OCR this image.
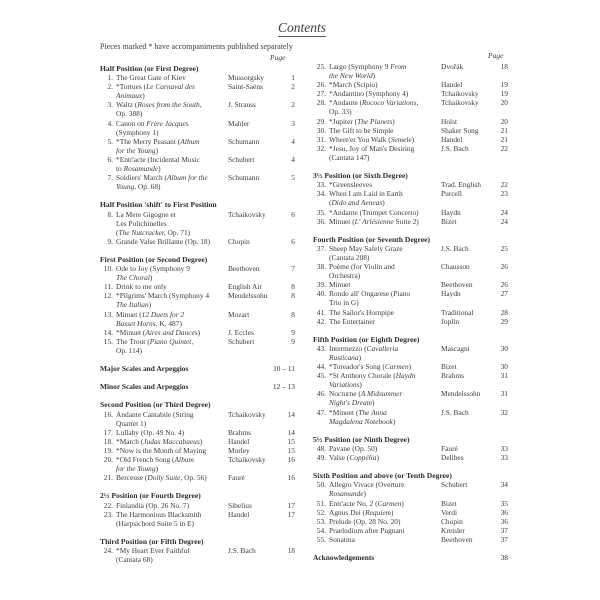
Contents
Pieces marked * have accompaniments published separately
Page	Page
Half Position (or First Degree)
1. The Great Gate of Kiev	Mussorgsky	1
2. *Tortues (Le Carnaval des
Animaux)
Saint-Saëns	2
3. Waltz (Roses from the South,
Op. 388)
J. Strauss	2
4. Canon on Frère Jacques
(Symphony 1)
Mahler	3
5. *The Merry Peasant (Album
for the Young)
Schumann	4
6. *Entr'acte (Incidental Music
to Rosamunde)
Schubert	4
7. Soldiers' March (Album for the
Young, Op. 68)
Schumann	5
Half Position 'shift' to First Position
8. La Mere Gigogne et
Les Polichinelles
(The Nutcracker, Op. 71)
Tchaikovsky	6
9. Grande Valse Brillante (Op. 18)	Chopin	6
First Position (or Second Degree)
10. Ode to Joy (Symphony 9
The Choral)
Beethoven	7
11. Drink to me only	English Air	8
12. *Pilgrims' March (Symphony 4
The Italian)
Mendelssohn	8
13. Minuet (12 Duets for 2
Basset Horns, K. 487)
Mozart	8
14. *Minuet (Aires and Dances)	J. Eccles	9
15. The Trout (Piano Quintet,
Op. 114)
Schubert	9
Major Scales and Arpeggios	10 – 11
Minor Scales and Arpeggios	12 – 13
Second Position (or Third Degree)
16. Andante Cantabile (String
Quartet 1)
Tchaikovsky	14
17. Lullaby (Op. 49 No. 4)	Brahms	14
18. *March (Judas Maccabaeus)	Handel	15
19. *Now is the Month of Maying	Morley	15
20. *Old French Song (Album
for the Young)
Tchaikovsky	16
21. Berceuse (Dolly Suite, Op. 56)	Fauré	16
2½ Position (or Fourth Degree)
22. Finlandia (Op. 26 No. 7)	Sibelius	17
23. The Harmonious Blacksmith
(Harpsichord Suite 5 in E)
Handel	17
Third Position (or Fifth Degree)
24. *My Heart Ever Faithful
(Cantata 68)
J.S. Bach	18
25. Largo (Symphony 9 From
the New World)
Dvořák	18
26. *March (Scipio)	Handel	19
27. *Andantino (Symphony 4)	Tchaikovsky	19
28. *Andante (Rococo Variations,
Op. 33)
Tchaikovsky	20
29. *Jupiter (The Planets)	Holst	20
30. The Gift to be Simple	Shaker Song	21
31. Where'er You Walk (Semele)	Handel	21
32. *Jesu, Joy of Man's Desiring
(Cantata 147)
J.S. Bach	22
3½ Position (or Sixth Degree)
33. *Greensleeves	Trad. English	22
34. When I am Laid in Earth
(Dido and Aeneas)
Purcell	23
35. *Andante (Trumpet Concerto)	Haydn	24
36. Minuet (L' Arlésienne Suite 2)	Bizet	24
Fourth Position (or Seventh Degree)
37. Sheep May Safely Graze
(Cantata 208)
J.S. Bach	25
38. Poème (for Violin and
Orchestra)
Chausson	26
39. Minuet	Beethoven	26
40. Rondo all' Ongarese (Piano
Trio in G)
Haydn	27
41. The Sailor's Hornpipe	Traditional	28
42. The Entertainer	Joplin	29
Fifth Position (or Eighth Degree)
43. Intermezzo (Cavalleria
Rusticana)
Mascagni	30
44. *Toreador's Song (Carmen)	Bizet	30
45. *St Anthony Chorale (Haydn
Variations)
Brahms	31
46. Nocturne (A Midsummer
Night's Dream)
Mendelssohn	31
47. *Minuet (The Anna
Magdalena Notebook)
J.S. Bach	32
5½ Position (or Ninth Degree)
48. Pavane (Op. 50)	Fauré	33
49. Valse (Coppélia)	Delibes	33
Sixth Position and above (or Tenth Degree)
50. Allegro Vivace (Overture
Rosamunde)
Schubert	34
51. Entr'acte No. 2 (Carmen)	Bizet	35
52. Agnus Dei (Requiem)	Verdi	36
53. Prelude (Op. 28 No. 20)	Chopin	36
54. Praeludium after Pugnani	Kreisler	37
55. Sonatina	Beethoven	37
Acknowledgements	38
